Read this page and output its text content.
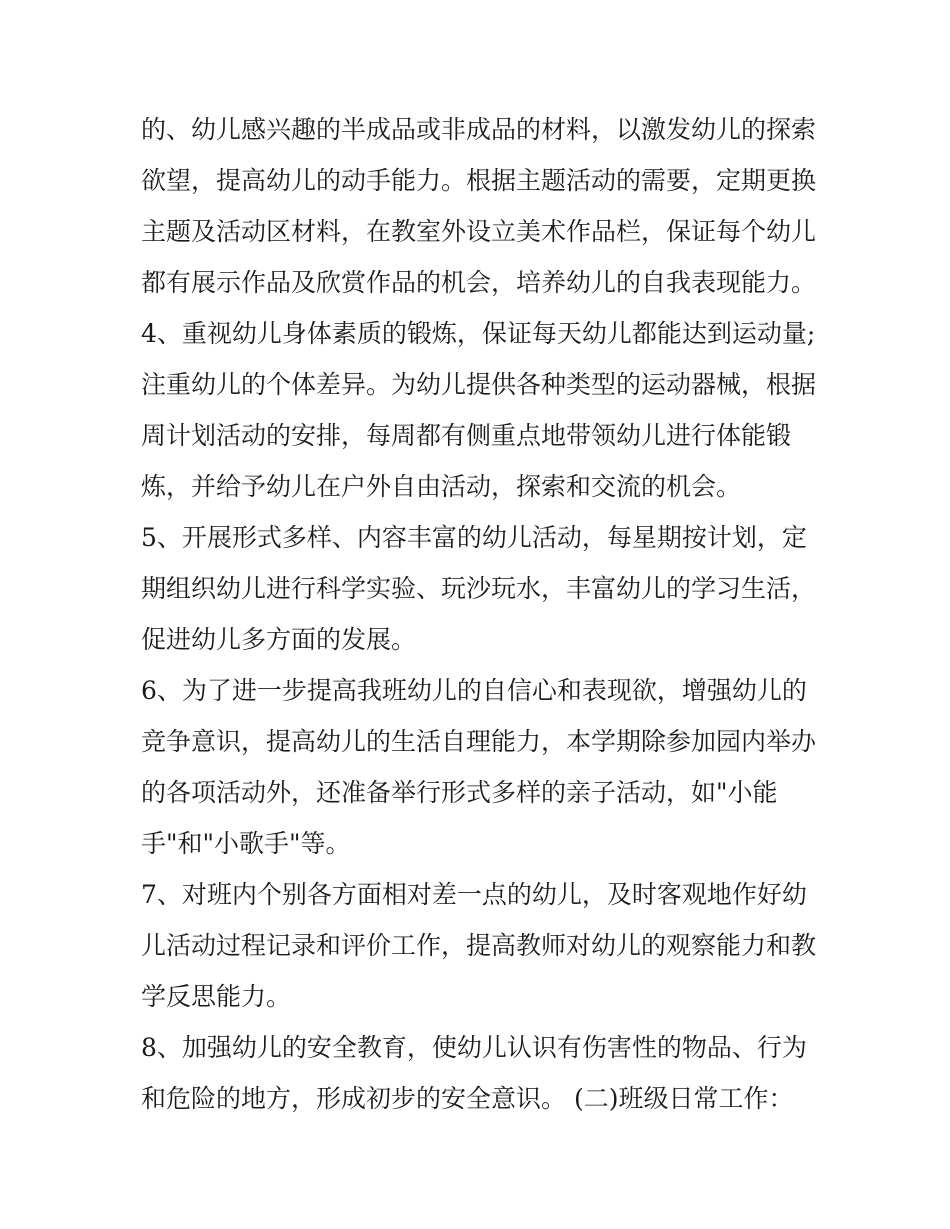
的、幼儿感兴趣的半成品或非成品的材料，以激发幼儿的探索
欲望，提高幼儿的动手能力。根据主题活动的需要，定期更换
主题及活动区材料，在教室外设立美术作品栏，保证每个幼儿
都有展示作品及欣赏作品的机会，培养幼儿的自我表现能力。
4、重视幼儿身体素质的锻炼，保证每天幼儿都能达到运动量;
注重幼儿的个体差异。为幼儿提供各种类型的运动器械，根据
周计划活动的安排，每周都有侧重点地带领幼儿进行体能锻
炼，并给予幼儿在户外自由活动，探索和交流的机会。
5、开展形式多样、内容丰富的幼儿活动，每星期按计划，定
期组织幼儿进行科学实验、玩沙玩水，丰富幼儿的学习生活，
促进幼儿多方面的发展。
6、为了进一步提高我班幼儿的自信心和表现欲，增强幼儿的
竞争意识，提高幼儿的生活自理能力，本学期除参加园内举办
的各项活动外，还准备举行形式多样的亲子活动，如"小能
手"和"小歌手"等。
7、对班内个别各方面相对差一点的幼儿，及时客观地作好幼
儿活动过程记录和评价工作，提高教师对幼儿的观察能力和教
学反思能力。
8、加强幼儿的安全教育，使幼儿认识有伤害性的物品、行为
和危险的地方，形成初步的安全意识。 (二)班级日常工作：
